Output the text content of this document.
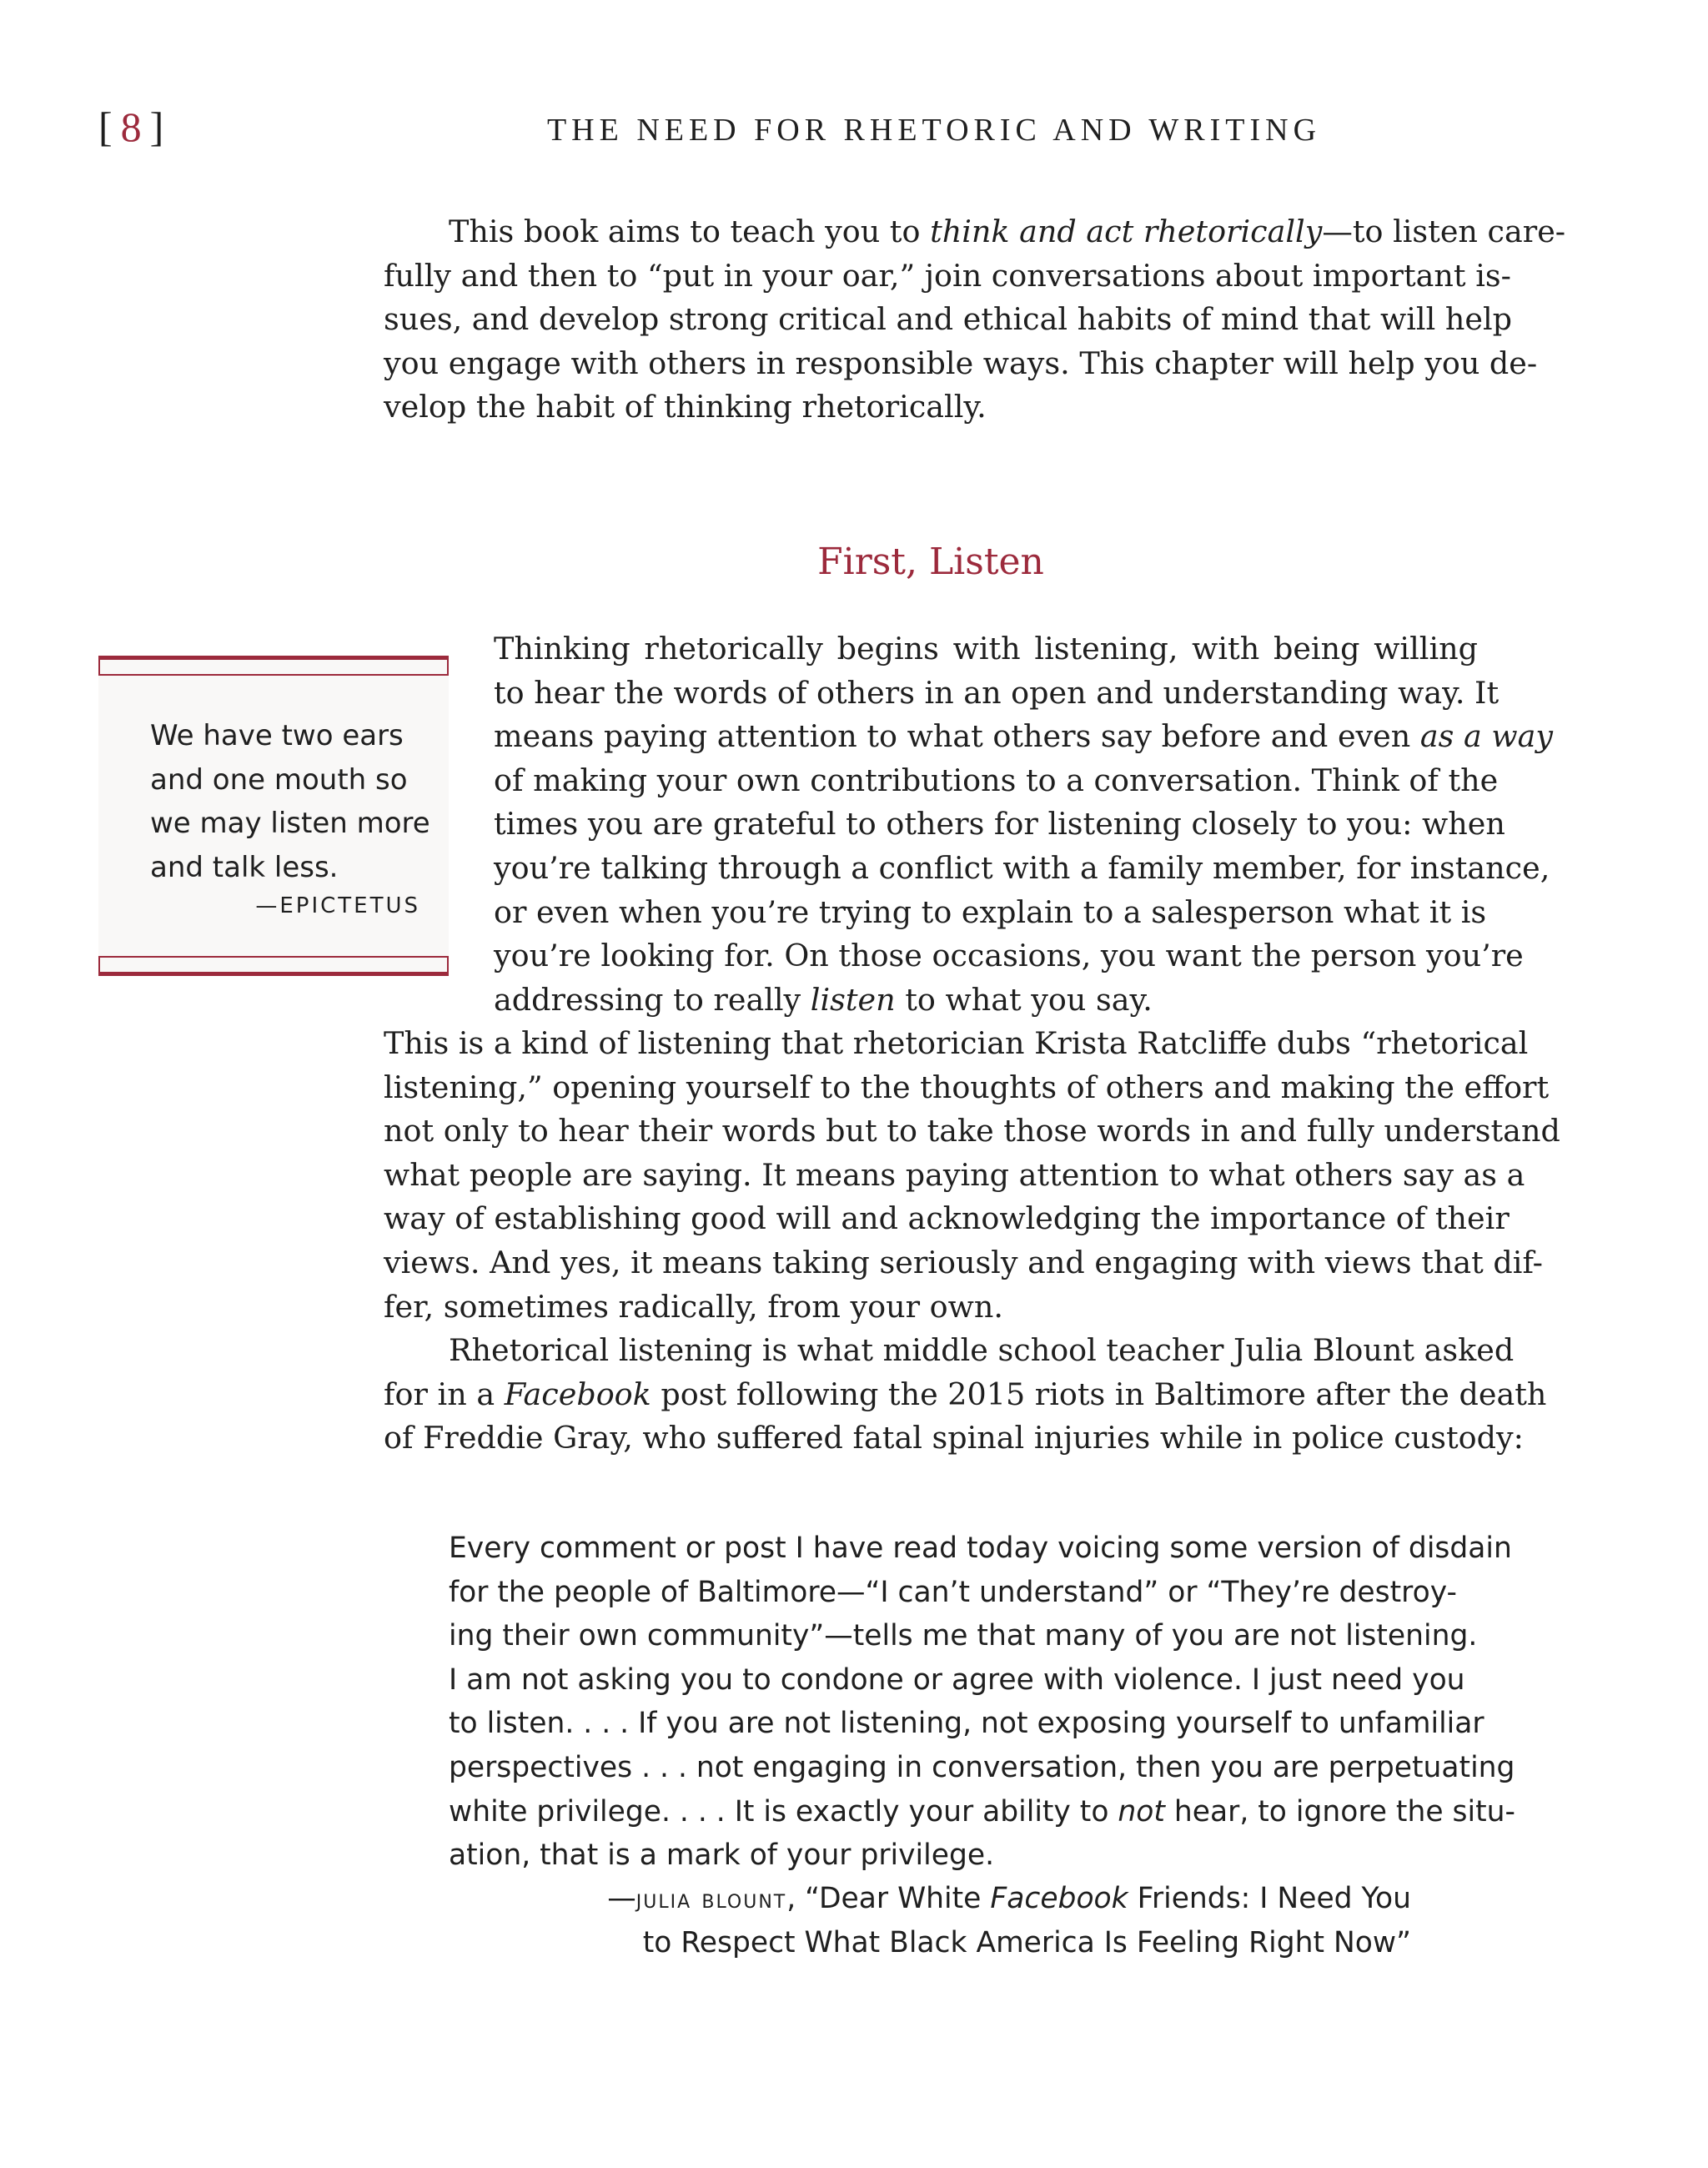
[ 8 ]	THE NEED FOR RHETORIC AND WRITING
This book aims to teach you to think and act rhetorically—to listen care-
fully and then to “put in your oar,” join conversations about important is-
sues, and develop strong critical and ethical habits of mind that will help
you engage with others in responsible ways. This chapter will help you de-
velop the habit of thinking rhetorically.
First, Listen
We have two ears
and one mouth so
we may listen more
and talk less.
—EPICTETUS
Thinking rhetorically begins with listening, with being willing
to hear the words of others in an open and understanding way. It
means paying attention to what others say before and even as a way
of making your own contributions to a conversation. Think of the
times you are grateful to others for listening closely to you: when
you’re talking through a conflict with a family member, for instance,
or even when you’re trying to explain to a salesperson what it is
you’re looking for. On those occasions, you want the person you’re
addressing to really listen to what you say.
This is a kind of listening that rhetorician Krista Ratcliffe dubs “rhetorical
listening,” opening yourself to the thoughts of others and making the effort
not only to hear their words but to take those words in and fully understand
what people are saying. It means paying attention to what others say as a
way of establishing good will and acknowledging the importance of their
views. And yes, it means taking seriously and engaging with views that dif-
fer, sometimes radically, from your own.
Rhetorical listening is what middle school teacher Julia Blount asked
for in a Facebook post following the 2015 riots in Baltimore after the death
of Freddie Gray, who suffered fatal spinal injuries while in police custody:
Every comment or post I have read today voicing some version of disdain
for the people of Baltimore—“I can’t understand” or “They’re destroy-
ing their own community”—tells me that many of you are not listening.
I am not asking you to condone or agree with violence. I just need you
to listen. . . . If you are not listening, not exposing yourself to unfamiliar
perspectives . . . not engaging in conversation, then you are perpetuating
white privilege. . . . It is exactly your ability to not hear, to ignore the situ-
ation, that is a mark of your privilege.
—julia blount, “Dear White Facebook Friends: I Need You
to Respect What Black America Is Feeling Right Now”
